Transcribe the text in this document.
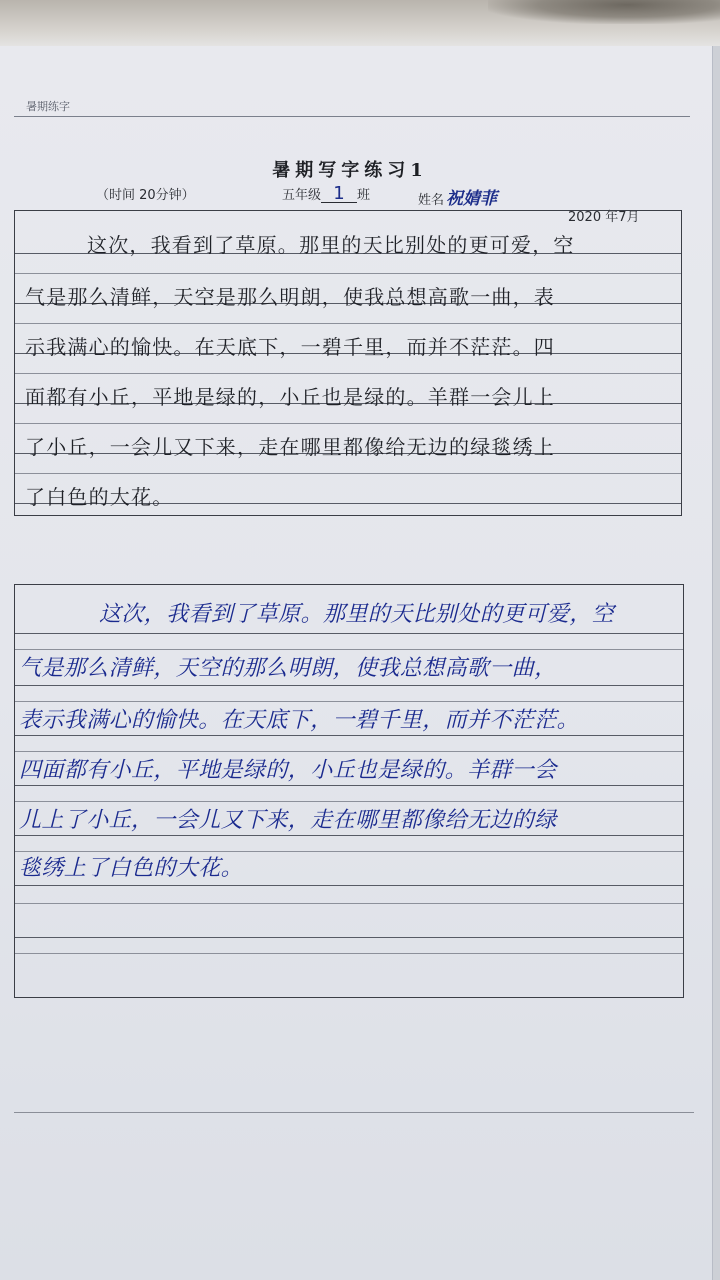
暑期练字
暑期写字练习1
（时间 20分钟）	五年级 1 班	姓名 祝婧菲
2020 年7月
这次，我看到了草原。那里的天比别处的更可爱，空
气是那么清鲜，天空是那么明朗，使我总想高歌一曲，表
示我满心的愉快。在天底下，一碧千里，而并不茫茫。四
面都有小丘，平地是绿的，小丘也是绿的。羊群一会儿上
了小丘，一会儿又下来，走在哪里都像给无边的绿毯绣上
了白色的大花。
这次，我看到了草原。那里的天比别处的更可爱，空
气是那么清鲜，天空的那么明朗，使我总想高歌一曲，
表示我满心的愉快。在天底下，一碧千里，而并不茫茫。
四面都有小丘，平地是绿的，小丘也是绿的。羊群一会
儿上了小丘，一会儿又下来，走在哪里都像给无边的绿
毯绣上了白色的大花。
